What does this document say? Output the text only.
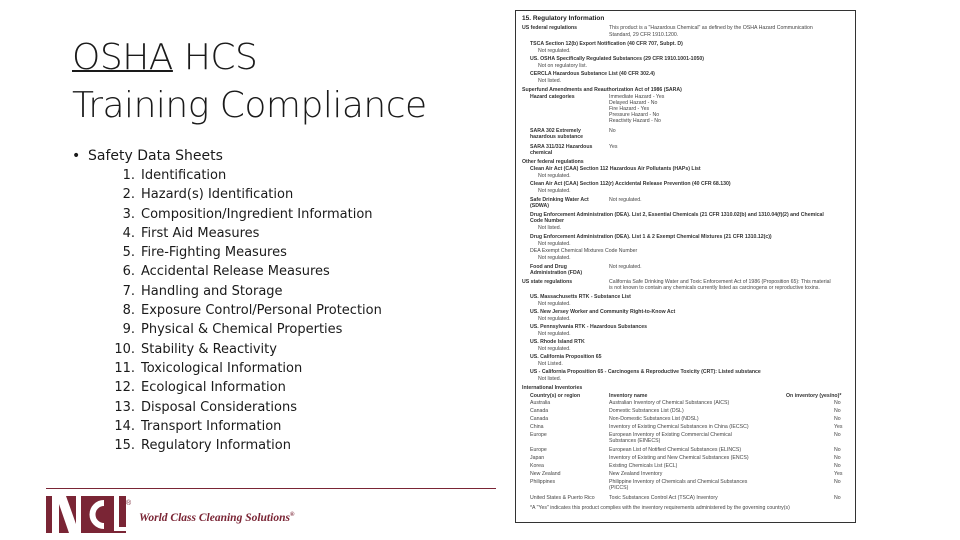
OSHA HCS
Training Compliance
• Safety Data Sheets
1. Identification
2. Hazard(s) Identification
3. Composition/Ingredient Information
4. First Aid Measures
5. Fire-Fighting Measures
6. Accidental Release Measures
7. Handling and Storage
8. Exposure Control/Personal Protection
9. Physical & Chemical Properties
10. Stability & Reactivity
11. Toxicological Information
12. Ecological Information
13. Disposal Considerations
14. Transport Information
15. Regulatory Information
®
World Class Cleaning Solutions®
15. Regulatory Information
US federal regulations	This product is a "Hazardous Chemical" as defined by the OSHA Hazard Communication
Standard, 29 CFR 1910.1200.
TSCA Section 12(b) Export Notification (40 CFR 707, Subpt. D)
Not regulated.
US. OSHA Specifically Regulated Substances (29 CFR 1910.1001-1050)
Not on regulatory list.
CERCLA Hazardous Substance List (40 CFR 302.4)
Not listed.
Superfund Amendments and Reauthorization Act of 1986 (SARA)
Hazard categories	Immediate Hazard - Yes
Delayed Hazard - No
Fire Hazard - Yes
Pressure Hazard - No
Reactivity Hazard - No
SARA 302 Extremely	No
hazardous substance
SARA 311/312 Hazardous	Yes
chemical
Other federal regulations
Clean Air Act (CAA) Section 112 Hazardous Air Pollutants (HAPs) List
Not regulated.
Clean Air Act (CAA) Section 112(r) Accidental Release Prevention (40 CFR 68.130)
Not regulated.
Safe Drinking Water Act	Not regulated.
(SDWA)
Drug Enforcement Administration (DEA). List 2, Essential Chemicals (21 CFR 1310.02(b) and 1310.04(f)(2) and Chemical
Code Number
Not listed.
Drug Enforcement Administration (DEA). List 1 & 2 Exempt Chemical Mixtures (21 CFR 1310.12(c))
Not regulated.
DEA Exempt Chemical Mixtures Code Number
Not regulated.
Food and Drug	Not regulated.
Administration (FDA)
US state regulations	California Safe Drinking Water and Toxic Enforcement Act of 1986 (Proposition 65): This material
is not known to contain any chemicals currently listed as carcinogens or reproductive toxins.
US. Massachusetts RTK - Substance List
Not regulated.
US. New Jersey Worker and Community Right-to-Know Act
Not regulated.
US. Pennsylvania RTK - Hazardous Substances
Not regulated.
US. Rhode Island RTK
Not regulated.
US. California Proposition 65
Not Listed.
US - California Proposition 65 - Carcinogens & Reproductive Toxicity (CRT): Listed substance
Not listed.
International Inventories
Country(s) or region	Inventory name	On inventory (yes/no)*
Australia	Australian Inventory of Chemical Substances (AICS)	No
Canada	Domestic Substances List (DSL)	No
Canada	Non-Domestic Substances List (NDSL)	No
China	Inventory of Existing Chemical Substances in China (IECSC)	Yes
Europe	European Inventory of Existing Commercial Chemical	No
Substances (EINECS)
Europe	European List of Notified Chemical Substances (ELINCS)	No
Japan	Inventory of Existing and New Chemical Substances (ENCS)	No
Korea	Existing Chemicals List (ECL)	No
New Zealand	New Zealand Inventory	Yes
Philippines	Philippine Inventory of Chemicals and Chemical Substances	No
(PICCS)
United States & Puerto Rico	Toxic Substances Control Act (TSCA) Inventory	No
*A "Yes" indicates this product complies with the inventory requirements administered by the governing country(s)
